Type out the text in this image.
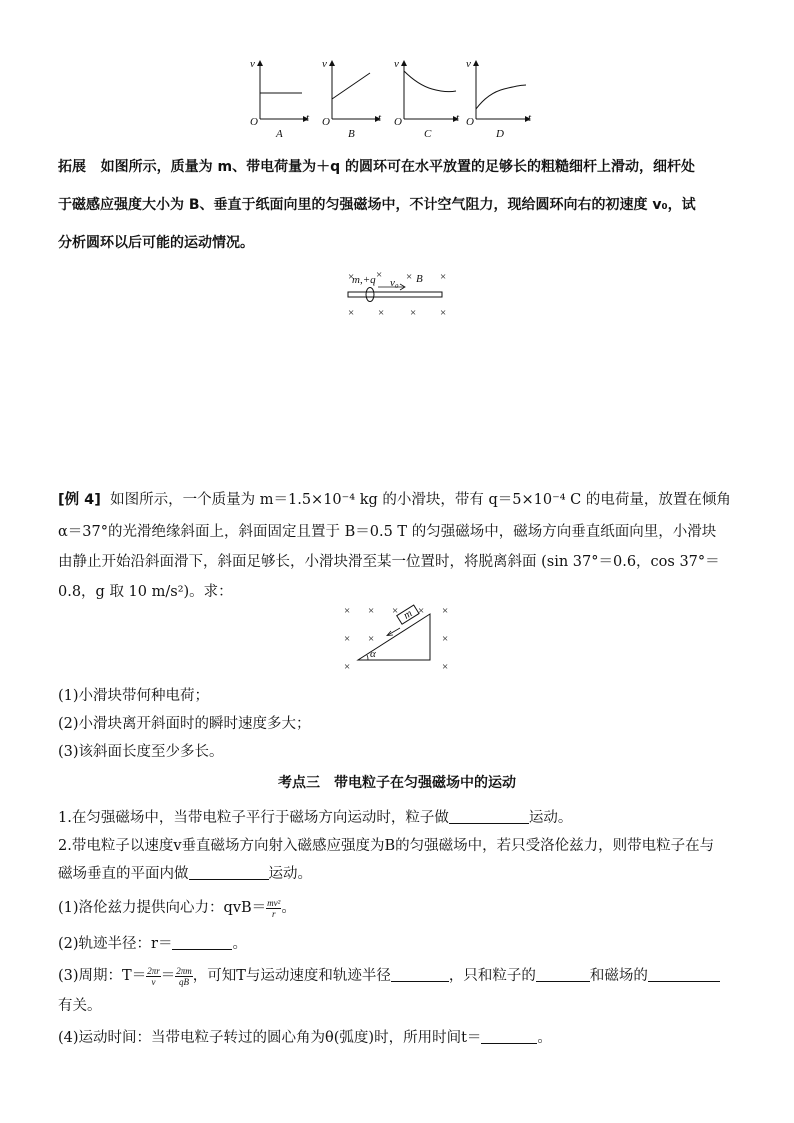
v
t
O
A
v
t
O
B
v
t
O
C
v
t
O
D
拓展 如图所示，质量为 m、带电荷量为＋q 的圆环可在水平放置的足够长的粗糙细杆上滑动，细杆处
于磁感应强度大小为 B、垂直于纸面向里的匀强磁场中，不计空气阻力，现给圆环向右的初速度 v₀，试
分析圆环以后可能的运动情况。
× × ×	×
m,+q v₀ B
× × × ×
[例 4] 如图所示，一个质量为 m＝1.5×10⁻⁴ kg 的小滑块，带有 q＝5×10⁻⁴ C 的电荷量，放置在倾角
α＝37°的光滑绝缘斜面上，斜面固定且置于 B＝0.5 T 的匀强磁场中，磁场方向垂直纸面向里，小滑块
由静止开始沿斜面滑下，斜面足够长，小滑块滑至某一位置时，将脱离斜面 (sin 37°＝0.6，cos 37°＝
0.8，g 取 10 m/s²)。求：
× × × × ×
× ×	×
×	×
m
α
(1)小滑块带何种电荷；
(2)小滑块离开斜面时的瞬时速度多大；
(3)该斜面长度至少多长。
考点三　带电粒子在匀强磁场中的运动
1.在匀强磁场中，当带电粒子平行于磁场方向运动时，粒子做	运动。
2.带电粒子以速度v垂直磁场方向射入磁感应强度为B的匀强磁场中，若只受洛伦兹力，则带电粒子在与
磁场垂直的平面内做	运动。
(1)洛伦兹力提供向心力：$qvB= \frac{\text{mv²}}{r}$ 。
(2)轨迹半径：r＝	。
(3)周期：$T= \frac{2\pi r}{v} = \frac{2\pi m}{qB}$ ，可知T与运动速度和轨迹半径	，只和粒子的	和磁场的
有关。
(4)运动时间：当带电粒子转过的圆心角为θ(弧度)时，所用时间t＝	。
